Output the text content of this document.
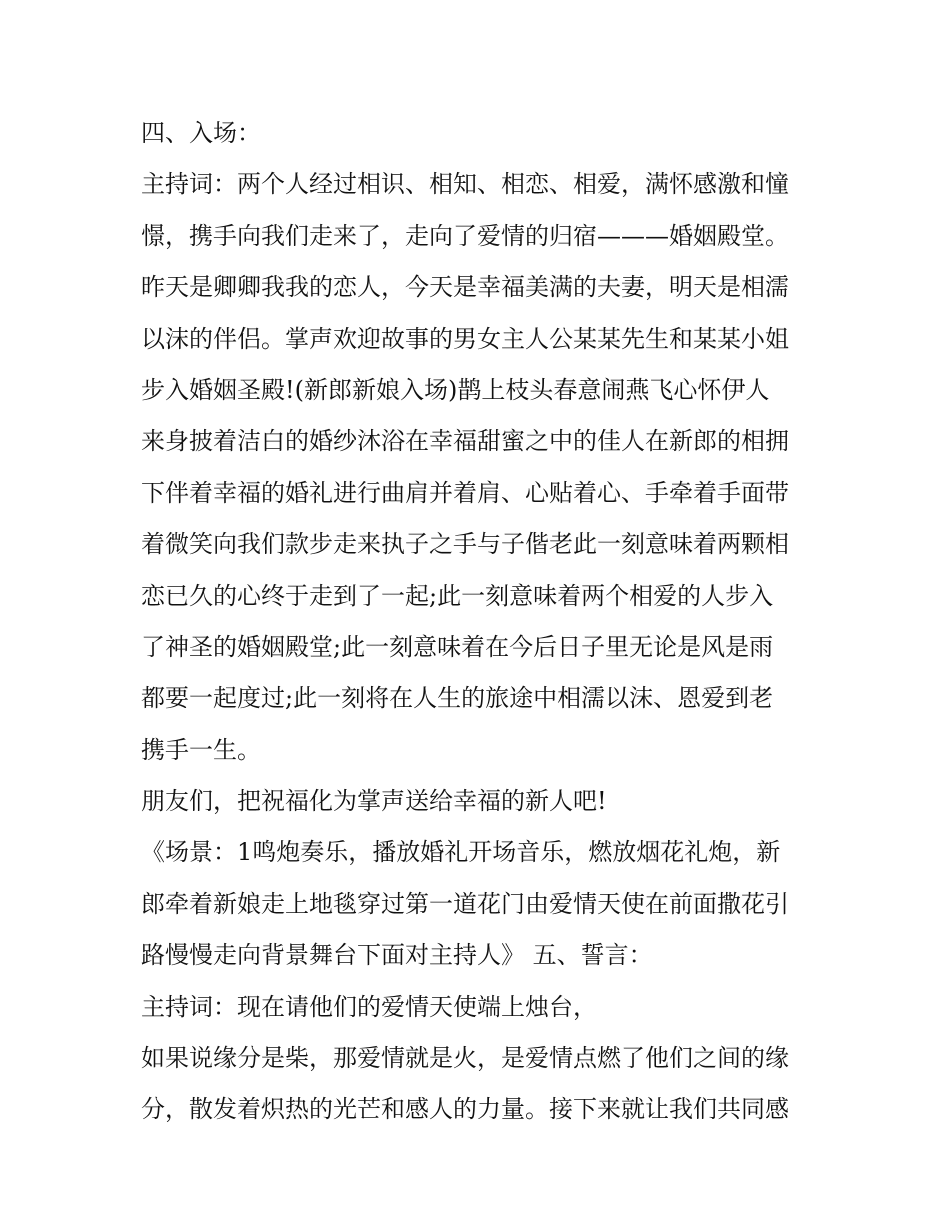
四、入场：
主持词：两个人经过相识、相知、相恋、相爱，满怀感激和憧
憬，携手向我们走来了，走向了爱情的归宿———婚姻殿堂。
昨天是卿卿我我的恋人，今天是幸福美满的夫妻，明天是相濡
以沫的伴侣。掌声欢迎故事的男女主人公某某先生和某某小姐
步入婚姻圣殿!(新郎新娘入场)鹊上枝头春意闹燕飞心怀伊人
来身披着洁白的婚纱沐浴在幸福甜蜜之中的佳人在新郎的相拥
下伴着幸福的婚礼进行曲肩并着肩、心贴着心、手牵着手面带
着微笑向我们款步走来执子之手与子偕老此一刻意味着两颗相
恋已久的心终于走到了一起;此一刻意味着两个相爱的人步入
了神圣的婚姻殿堂;此一刻意味着在今后日子里无论是风是雨
都要一起度过;此一刻将在人生的旅途中相濡以沫、恩爱到老
携手一生。
朋友们，把祝福化为掌声送给幸福的新人吧!
《场景：1鸣炮奏乐，播放婚礼开场音乐，燃放烟花礼炮，新
郎牵着新娘走上地毯穿过第一道花门由爱情天使在前面撒花引
路慢慢走向背景舞台下面对主持人》 五、誓言：
主持词：现在请他们的爱情天使端上烛台，
如果说缘分是柴，那爱情就是火，是爱情点燃了他们之间的缘
分，散发着炽热的光芒和感人的力量。接下来就让我们共同感
